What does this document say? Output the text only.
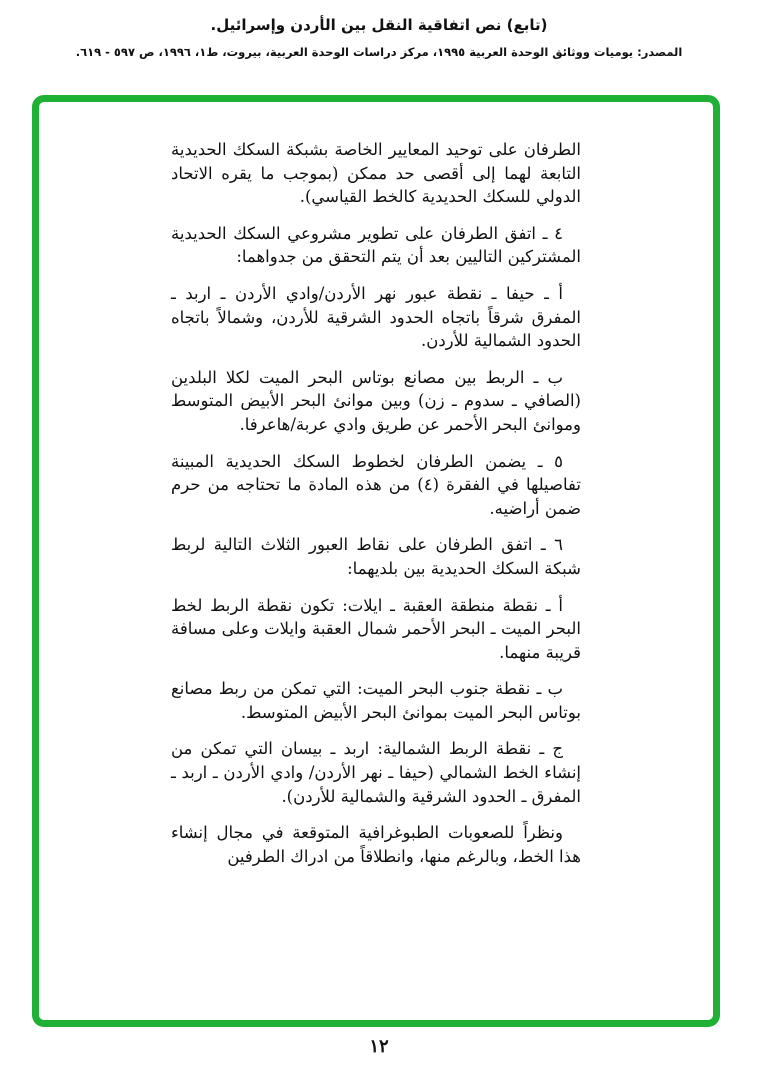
(تابع) نص اتفاقية النقل بين الأردن وإسرائيل.
المصدر: يوميات ووثائق الوحدة العربية ١٩٩٥، مركز دراسات الوحدة العربية، بيروت، ط١، ١٩٩٦، ص ٥٩٧ - ٦١٩.

الطرفان على توحيد المعايير الخاصة بشبكة السكك الحديدية التابعة لهما إلى أقصى حد ممكن (بموجب ما يقره الاتحاد الدولي للسكك الحديدية كالخط القياسي).

٤ ـ اتفق الطرفان على تطوير مشروعي السكك الحديدية المشتركين التاليين بعد أن يتم التحقق من جدواهما:

أ ـ حيفا ـ نقطة عبور نهر الأردن/وادي الأردن ـ اربد ـ المفرق شرقاً باتجاه الحدود الشرقية للأردن، وشمالاً باتجاه الحدود الشمالية للأردن.

ب ـ الربط بين مصانع بوتاس البحر الميت لكلا البلدين (الصافي ـ سدوم ـ زن) وبين موانئ البحر الأبيض المتوسط وموانئ البحر الأحمر عن طريق وادي عربة/هاعرفا.

٥ ـ يضمن الطرفان لخطوط السكك الحديدية المبينة تفاصيلها في الفقرة (٤) من هذه المادة ما تحتاجه من حرم ضمن أراضيه.

٦ ـ اتفق الطرفان على نقاط العبور الثلاث التالية لربط شبكة السكك الحديدية بين بلديهما:

أ ـ نقطة منطقة العقبة ـ ايلات: تكون نقطة الربط لخط البحر الميت ـ البحر الأحمر شمال العقبة وايلات وعلى مسافة قريبة منهما.

ب ـ نقطة جنوب البحر الميت: التي تمكن من ربط مصانع بوتاس البحر الميت بموانئ البحر الأبيض المتوسط.

ج ـ نقطة الربط الشمالية: اربد ـ بيسان التي تمكن من إنشاء الخط الشمالي (حيفا ـ نهر الأردن/ وادي الأردن ـ اربد ـ المفرق ـ الحدود الشرقية والشمالية للأردن).

ونظراً للصعوبات الطبوغرافية المتوقعة في مجال إنشاء هذا الخط، وبالرغم منها، وانطلاقاً من ادراك الطرفين

١٢
